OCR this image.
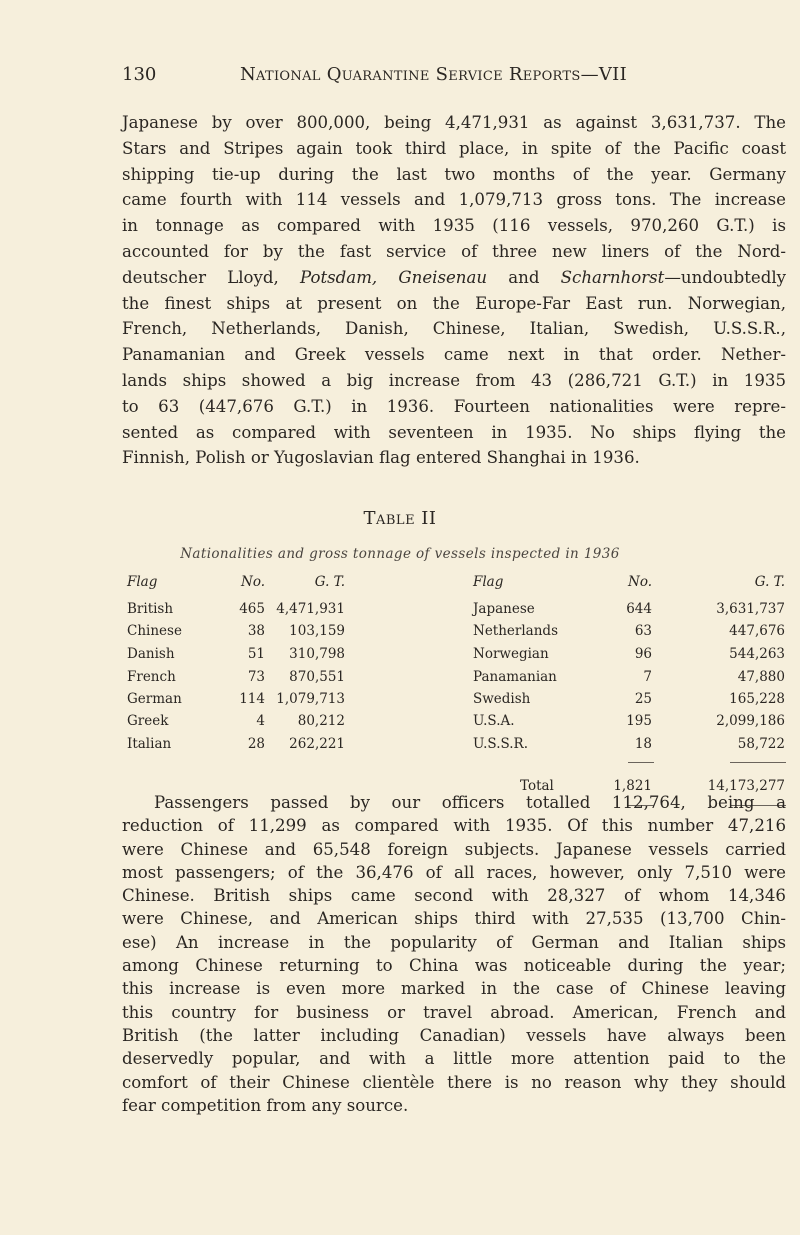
130	National Quarantine Service Reports—VII
Japanese by over 800,000, being 4,471,931 as against 3,631,737. The
Stars and Stripes again took third place, in spite of the Pacific coast
shipping tie-up during the last two months of the year. Germany
came fourth with 114 vessels and 1,079,713 gross tons. The increase
in tonnage as compared with 1935 (116 vessels, 970,260 G.T.) is
accounted for by the fast service of three new liners of the Nord-
deutscher Lloyd, Potsdam, Gneisenau and Scharnhorst—undoubtedly
the finest ships at present on the Europe-Far East run. Norwegian,
French, Netherlands, Danish, Chinese, Italian, Swedish, U.S.S.R.,
Panamanian and Greek vessels came next in that order. Nether-
lands ships showed a big increase from 43 (286,721 G.T.) in 1935
to 63 (447,676 G.T.) in 1936. Fourteen nationalities were repre-
sented as compared with seventeen in 1935. No ships flying the
Finnish, Polish or Yugoslavian flag entered Shanghai in 1936.
Table II
Nationalities and gross tonnage of vessels inspected in 1936
Flag	No.	G. T.	Flag	No.	G. T.
British	465 4,471,931	Japanese	644	3,631,737
Chinese	38 103,159	Netherlands	63	447,676
Danish	51 310,798	Norwegian	96	544,263
French	73 870,551	Panamanian	7	47,880
German	114 1,079,713	Swedish	25	165,228
Greek	4 80,212	U.S.A.	195	2,099,186
Italian	28 262,221	U.S.S.R.	18	58,722
Total	1,821	14,173,277
Passengers passed by our officers totalled 112,764, being a
reduction of 11,299 as compared with 1935. Of this number 47,216
were Chinese and 65,548 foreign subjects. Japanese vessels carried
most passengers; of the 36,476 of all races, however, only 7,510 were
Chinese. British ships came second with 28,327 of whom 14,346
were Chinese, and American ships third with 27,535 (13,700 Chin-
ese) An increase in the popularity of German and Italian ships
among Chinese returning to China was noticeable during the year;
this increase is even more marked in the case of Chinese leaving
this country for business or travel abroad. American, French and
British (the latter including Canadian) vessels have always been
deservedly popular, and with a little more attention paid to the
comfort of their Chinese clientèle there is no reason why they should
fear competition from any source.
